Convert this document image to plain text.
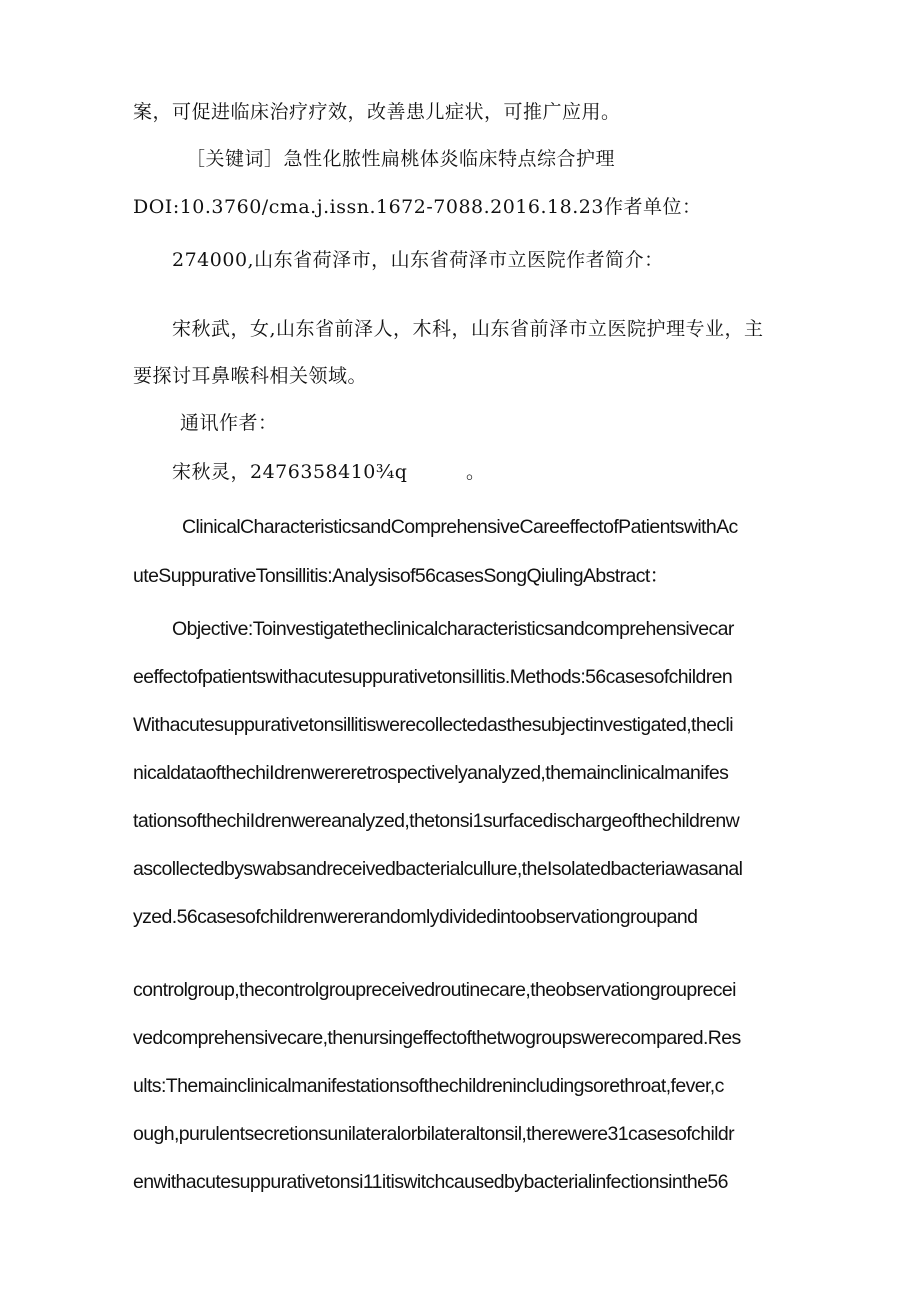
案，可促进临床治疗疗效，改善患儿症状，可推广应用。

［关键词］急性化脓性扁桃体炎临床特点综合护理

DOI:10.3760/cma.j.issn.1672-7088.2016.18.23作者单位：

274000,山东省荷泽市，山东省荷泽市立医院作者简介：

宋秋武，女,山东省前泽人，木科，山东省前泽市立医院护理专业，主

要探讨耳鼻喉科相关领域。

通讯作者：

宋秋灵，2476358410¾q　　　。

ClinicalCharacteristicsandComprehensiveCareeffectofPatientswithAc

uteSuppurativeTonsillitis:Analysisof56casesSongQiulingAbstract：

Objective:Toinvestigatetheclinicalcharacteristicsandcomprehensivecar

eeffectofpatientswithacutesuppurativetonsiIlitis.Methods:56casesofchildren

Withacutesuppurativetonsillitiswerecollectedasthesubjectinvestigated,thecli

nicaldataofthechiIdrenwereretrospectivelyanalyzed,themainclinicalmanifes

tationsofthechiIdrenwereanalyzed,thetonsi1surfacedischargeofthechildrenw

ascollectedbyswabsandreceivedbacterialcullure,theIsolatedbacteriawasanal

yzed.56casesofchildrenwererandomlydividedintoobservationgroupand

controlgroup,thecontrolgroupreceivedroutinecare,theobservationgrouprecei

vedcomprehensivecare,thenursingeffectofthetwogroupswerecompared.Res

ults:Themainclinicalmanifestationsofthechildrenincludingsorethroat,fever,c

ough,purulentsecretionsunilateralorbilateraltonsil,therewere31casesofchildr

enwithacutesuppurativetonsi11itiswitchcausedbybacterialinfectionsinthe56
